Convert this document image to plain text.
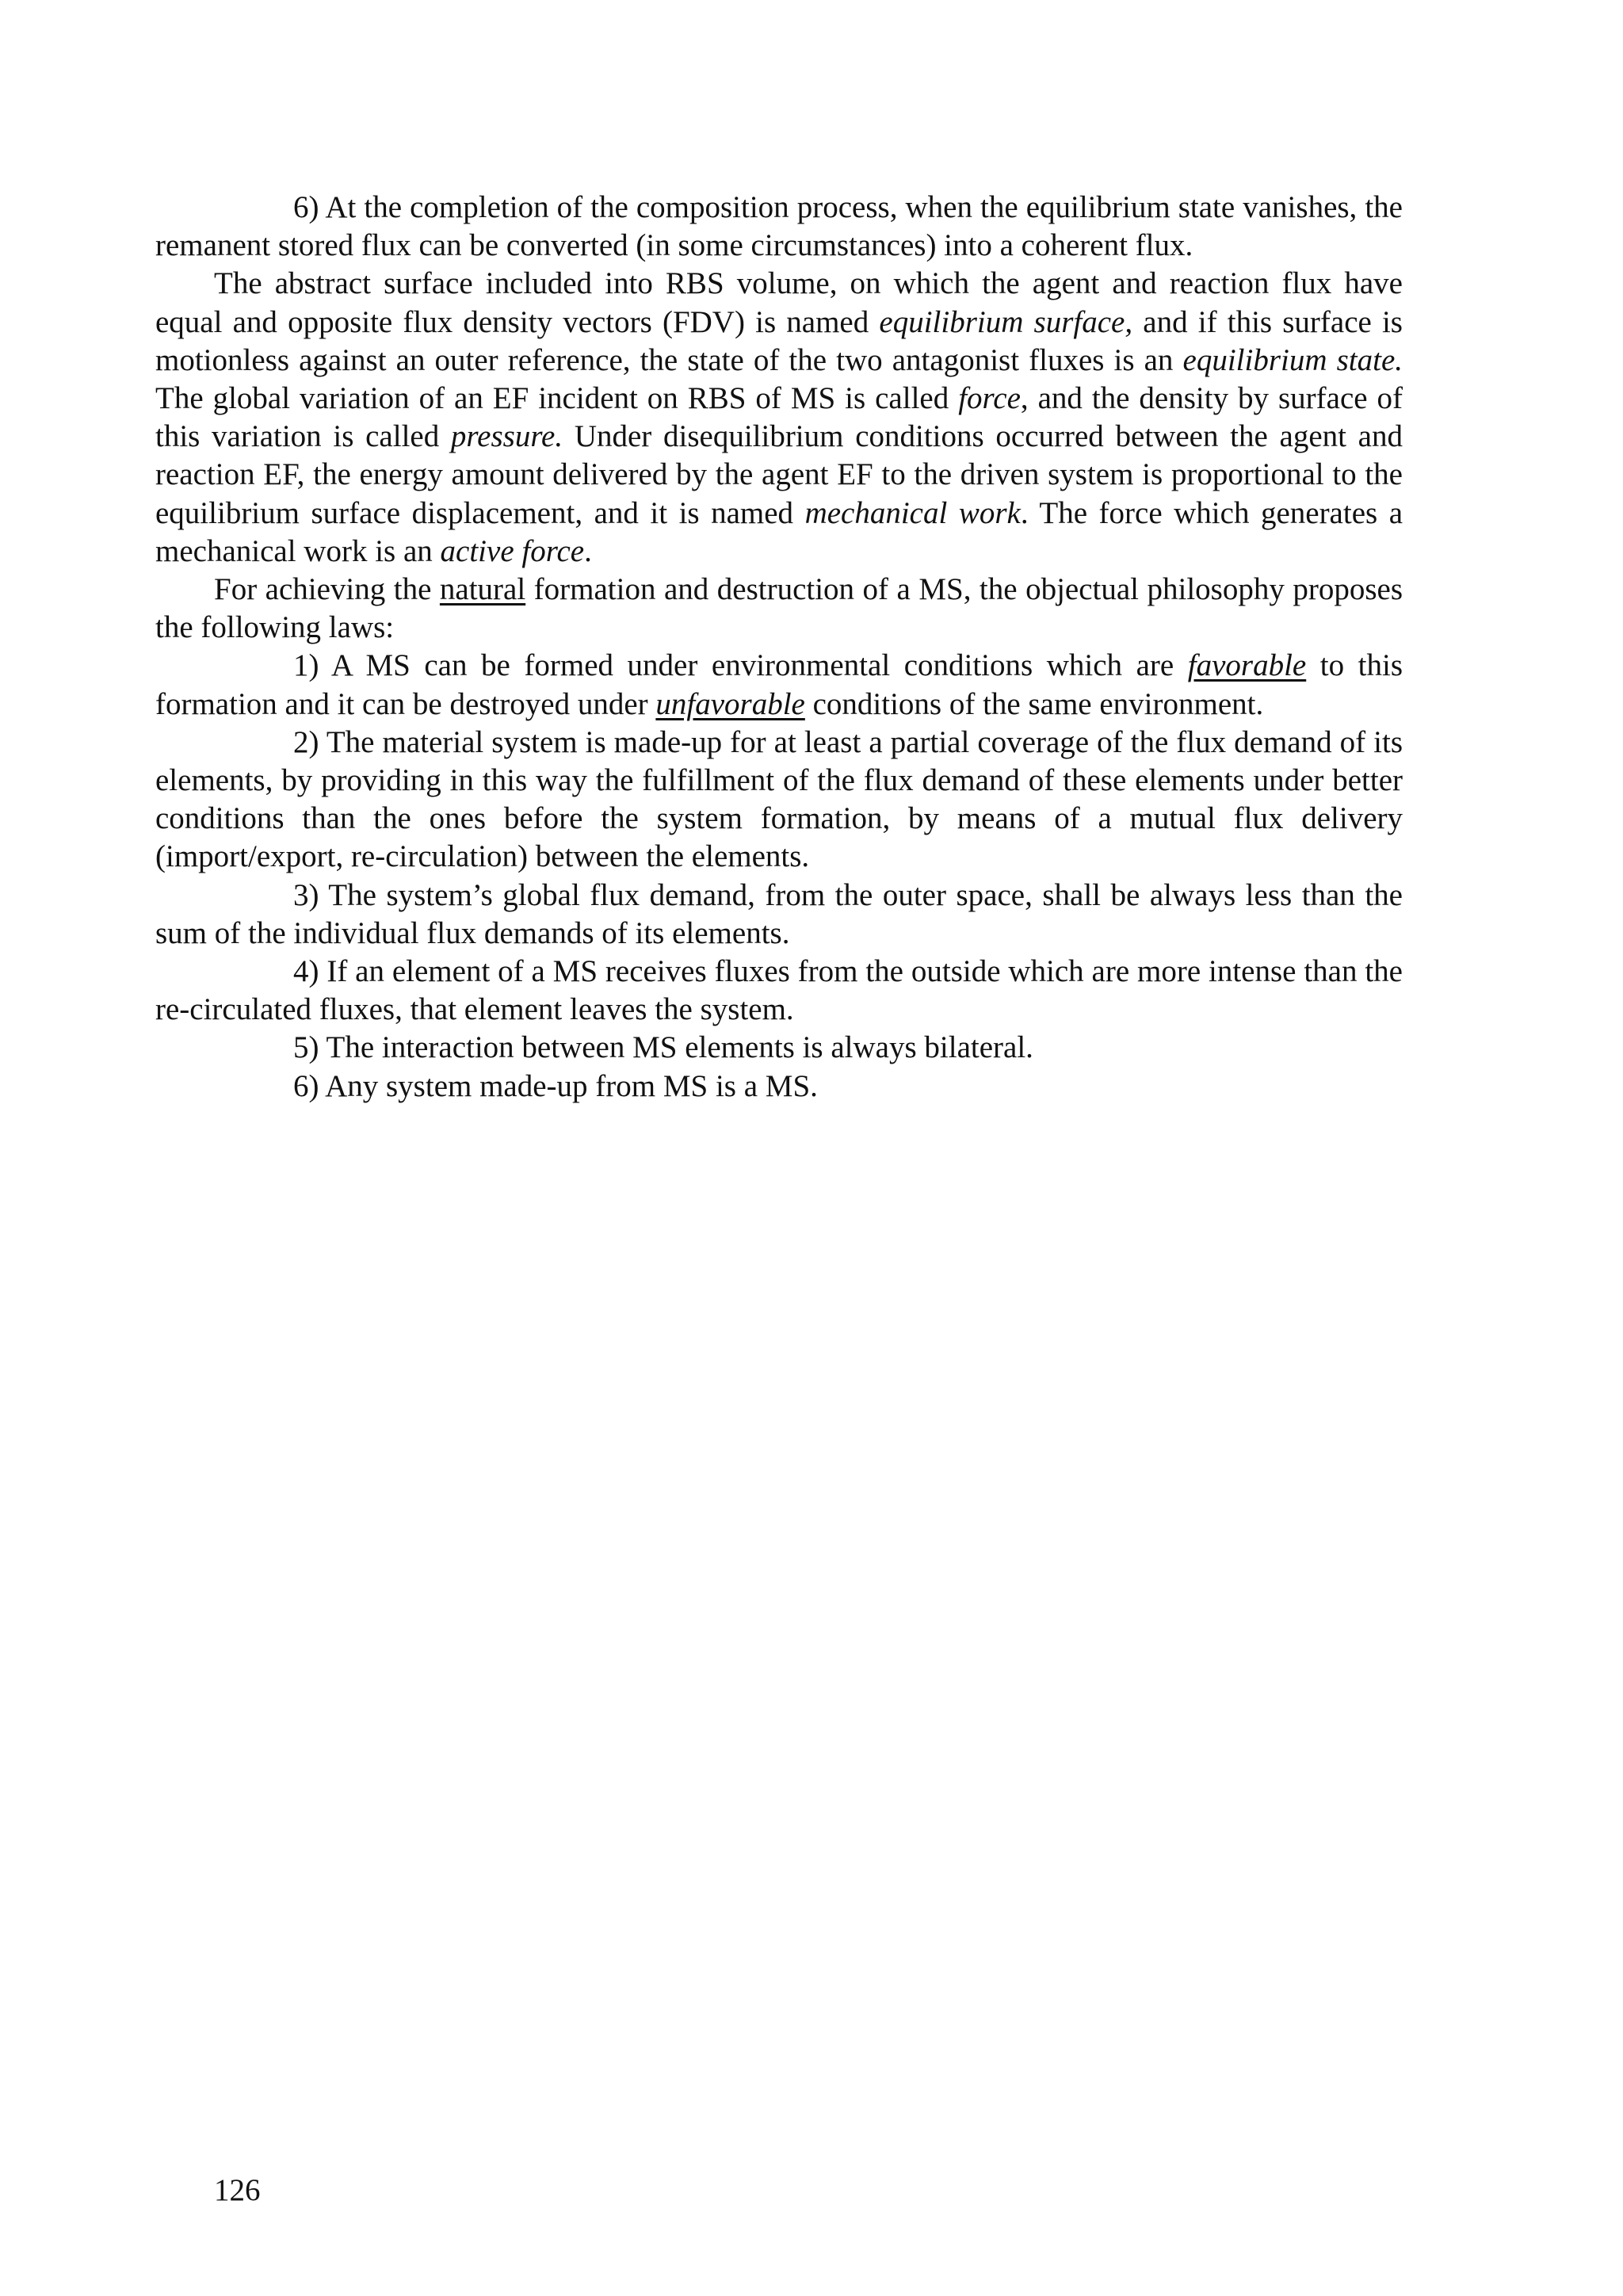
6) At the completion of the composition process, when the equilibrium state vanishes, the remanent stored flux can be converted (in some circumstances) into a coherent flux.

The abstract surface included into RBS volume, on which the agent and reaction flux have equal and opposite flux density vectors (FDV) is named equilibrium surface, and if this surface is motionless against an outer reference, the state of the two antagonist fluxes is an equilibrium state. The global variation of an EF incident on RBS of MS is called force, and the density by surface of this variation is called pressure. Under disequilibrium conditions occurred between the agent and reaction EF, the energy amount delivered by the agent EF to the driven system is proportional to the equilibrium surface displacement, and it is named mechanical work. The force which generates a mechanical work is an active force.

For achieving the natural formation and destruction of a MS, the objectual philosophy proposes the following laws:

1) A MS can be formed under environmental conditions which are favorable to this formation and it can be destroyed under unfavorable conditions of the same environment.

2) The material system is made-up for at least a partial coverage of the flux demand of its elements, by providing in this way the fulfillment of the flux demand of these elements under better conditions than the ones before the system formation, by means of a mutual flux delivery (import/export, re-circulation) between the elements.

3) The system’s global flux demand, from the outer space, shall be always less than the sum of the individual flux demands of its elements.

4) If an element of a MS receives fluxes from the outside which are more intense than the re-circulated fluxes, that element leaves the system.

5) The interaction between MS elements is always bilateral.

6) Any system made-up from MS is a MS.

126
